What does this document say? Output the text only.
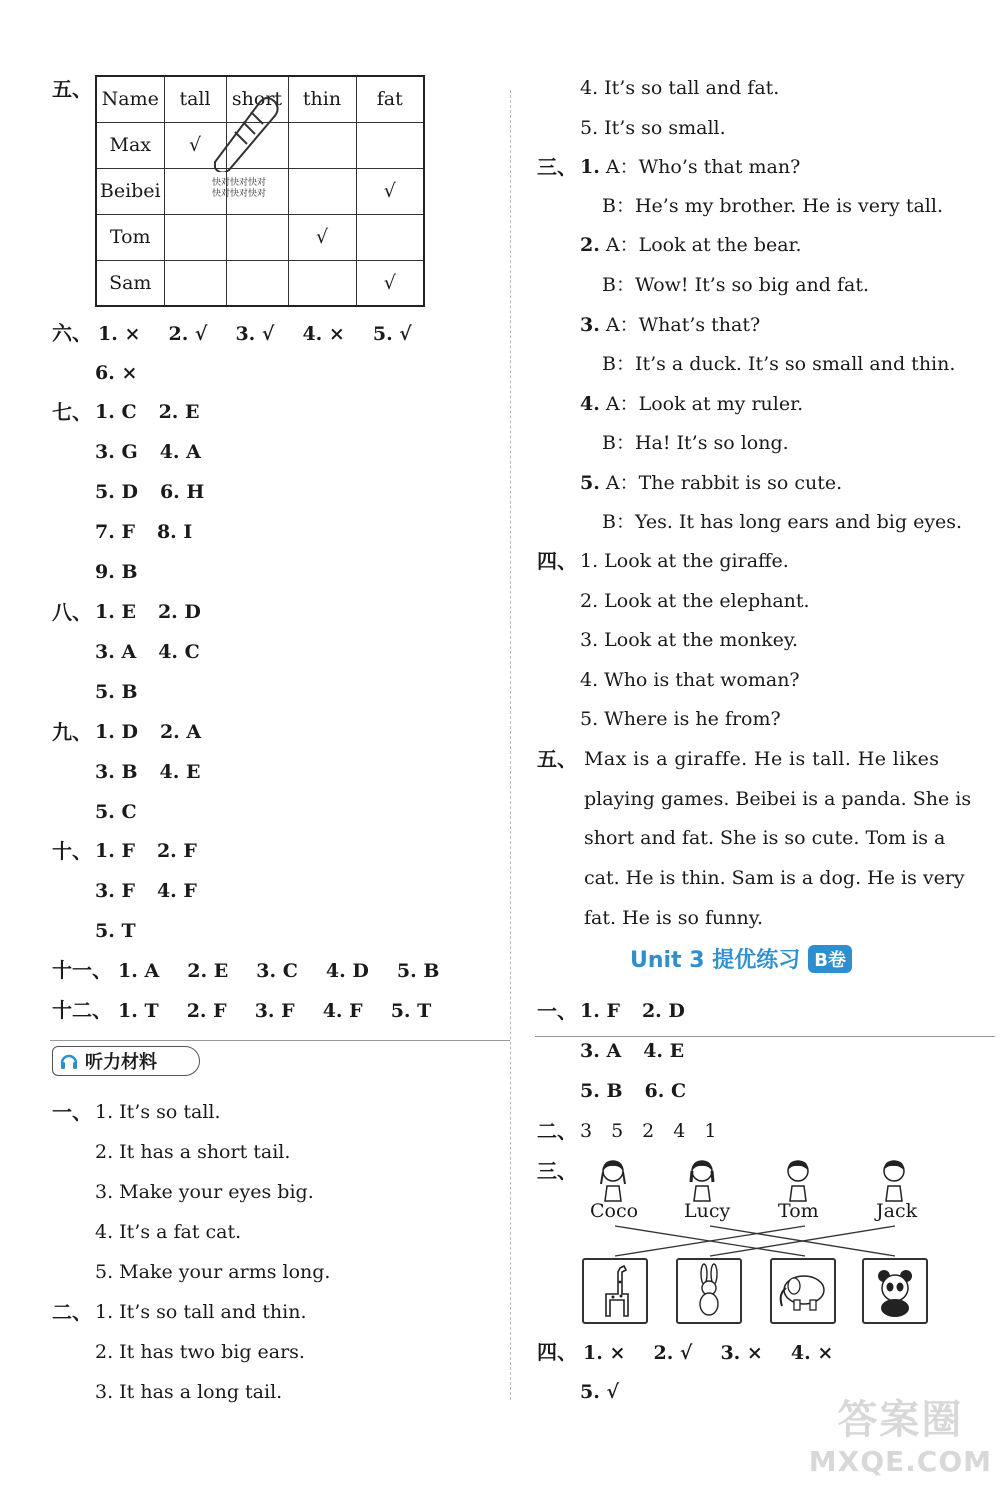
五、 Name	tall	short	thin	fat
Max	√			
Beibei				√
Tom			√	
Sam				√
快对快对快对
快对快对快对
六、 1. × 2. √ 3. √ 4. × 5. √
6. ×
七、 1. C 2. E
3. G 4. A
5. D 6. H
7. F 8. I
9. B
八、 1. E 2. D
3. A 4. C
5. B
九、 1. D 2. A
3. B 4. E
5. C
十、 1. F 2. F
3. F 4. F
5. T
十一、 1. A 2. E 3. C 4. D 5. B
十二、 1. T 2. F 3. F 4. F 5. T
听力材料
一、 1. It’s so tall.
2. It has a short tail.
3. Make your eyes big.
4. It’s a fat cat.
5. Make your arms long.
二、 1. It’s so tall and thin.
2. It has two big ears.
3. It has a long tail.
4. It’s so tall and fat.
5. It’s so small.
三、 1. A：Who’s that man?
B：He’s my brother. He is very tall.
2. A：Look at the bear.
B：Wow! It’s so big and fat.
3. A：What’s that?
B：It’s a duck. It’s so small and thin.
4. A：Look at my ruler.
B：Ha! It’s so long.
5. A：The rabbit is so cute.
B：Yes. It has long ears and big eyes.
四、 1. Look at the giraffe.
2. Look at the elephant.
3. Look at the monkey.
4. Who is that woman?
5. Where is he from?
五、 Max is a giraffe. He is tall. He likes
playing games. Beibei is a panda. She is
short and fat. She is so cute. Tom is a
cat. He is thin. Sam is a dog. He is very
fat. He is so funny.
Unit 3 提优练习 B卷
一、 1. F 2. D
3. A 4. E
5. B 6. C
二、 3　5　2　4　1
三、
Coco Lucy	Tom	Jack
四、 1. × 2. √ 3. × 4. ×
5. √
答案圈
MXQE.COM
